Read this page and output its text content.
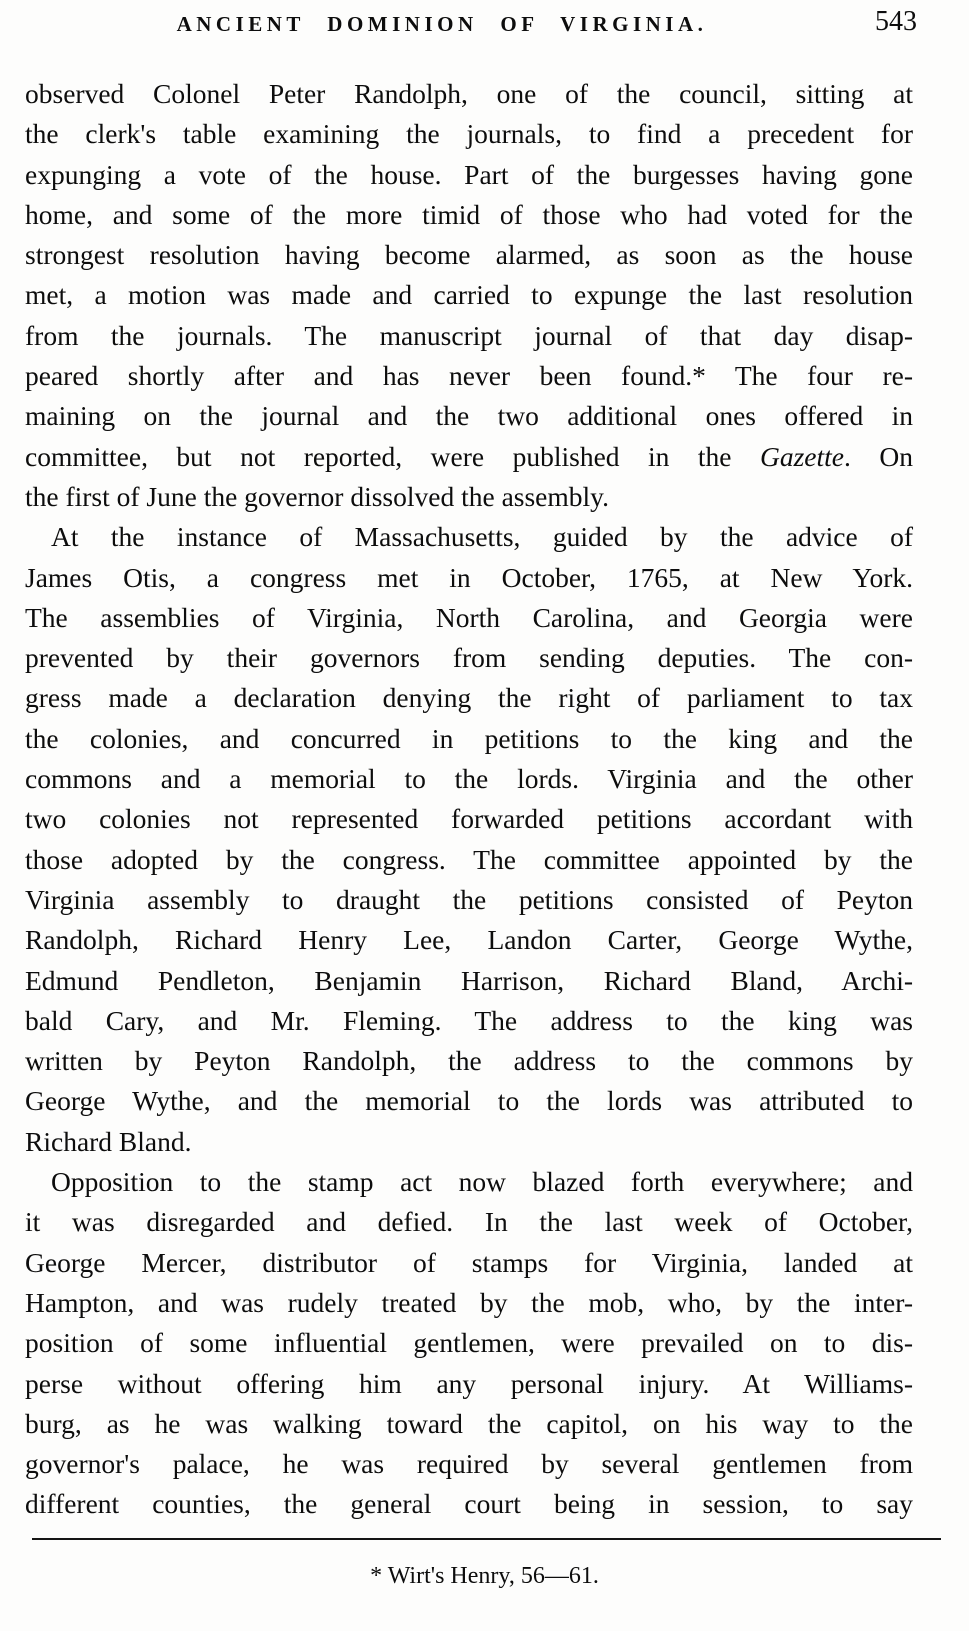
ANCIENT DOMINION OF VIRGINIA.	543
observed Colonel Peter Randolph, one of the council, sitting at
the clerk's table examining the journals, to find a precedent for
expunging a vote of the house. Part of the burgesses having gone
home, and some of the more timid of those who had voted for the
strongest resolution having become alarmed, as soon as the house
met, a motion was made and carried to expunge the last resolution
from the journals. The manuscript journal of that day disap-
peared shortly after and has never been found.* The four re-
maining on the journal and the two additional ones offered in
committee, but not reported, were published in the Gazette. On
the first of June the governor dissolved the assembly.
At the instance of Massachusetts, guided by the advice of
James Otis, a congress met in October, 1765, at New York.
The assemblies of Virginia, North Carolina, and Georgia were
prevented by their governors from sending deputies. The con-
gress made a declaration denying the right of parliament to tax
the colonies, and concurred in petitions to the king and the
commons and a memorial to the lords. Virginia and the other
two colonies not represented forwarded petitions accordant with
those adopted by the congress. The committee appointed by the
Virginia assembly to draught the petitions consisted of Peyton
Randolph, Richard Henry Lee, Landon Carter, George Wythe,
Edmund Pendleton, Benjamin Harrison, Richard Bland, Archi-
bald Cary, and Mr. Fleming. The address to the king was
written by Peyton Randolph, the address to the commons by
George Wythe, and the memorial to the lords was attributed to
Richard Bland.
Opposition to the stamp act now blazed forth everywhere; and
it was disregarded and defied. In the last week of October,
George Mercer, distributor of stamps for Virginia, landed at
Hampton, and was rudely treated by the mob, who, by the inter-
position of some influential gentlemen, were prevailed on to dis-
perse without offering him any personal injury. At Williams-
burg, as he was walking toward the capitol, on his way to the
governor's palace, he was required by several gentlemen from
different counties, the general court being in session, to say
* Wirt's Henry, 56—61.
